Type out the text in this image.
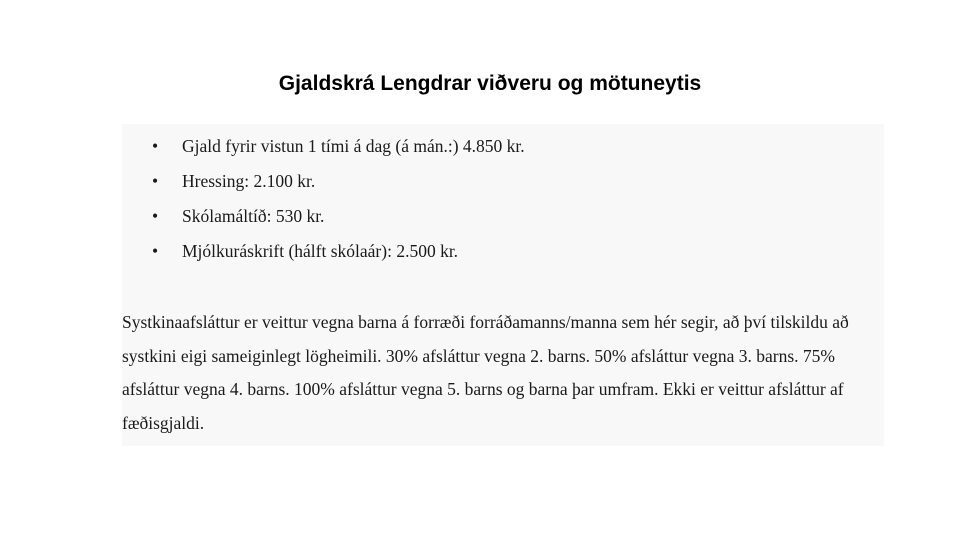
Gjaldskrá Lengdrar viðveru og mötuneytis
• Gjald fyrir vistun 1 tími á dag (á mán.:) 4.850 kr.
• Hressing: 2.100 kr.
• Skólamáltíð: 530 kr.
• Mjólkuráskrift (hálft skólaár): 2.500 kr.

Systkinaafsláttur er veittur vegna barna á forræði forráðamanns/manna sem hér segir, að því tilskildu að systkini eigi sameiginlegt lögheimili. 30% afsláttur vegna 2. barns. 50% afsláttur vegna 3. barns. 75% afsláttur vegna 4. barns. 100% afsláttur vegna 5. barns og barna þar umfram. Ekki er veittur afsláttur af fæðisgjaldi.
